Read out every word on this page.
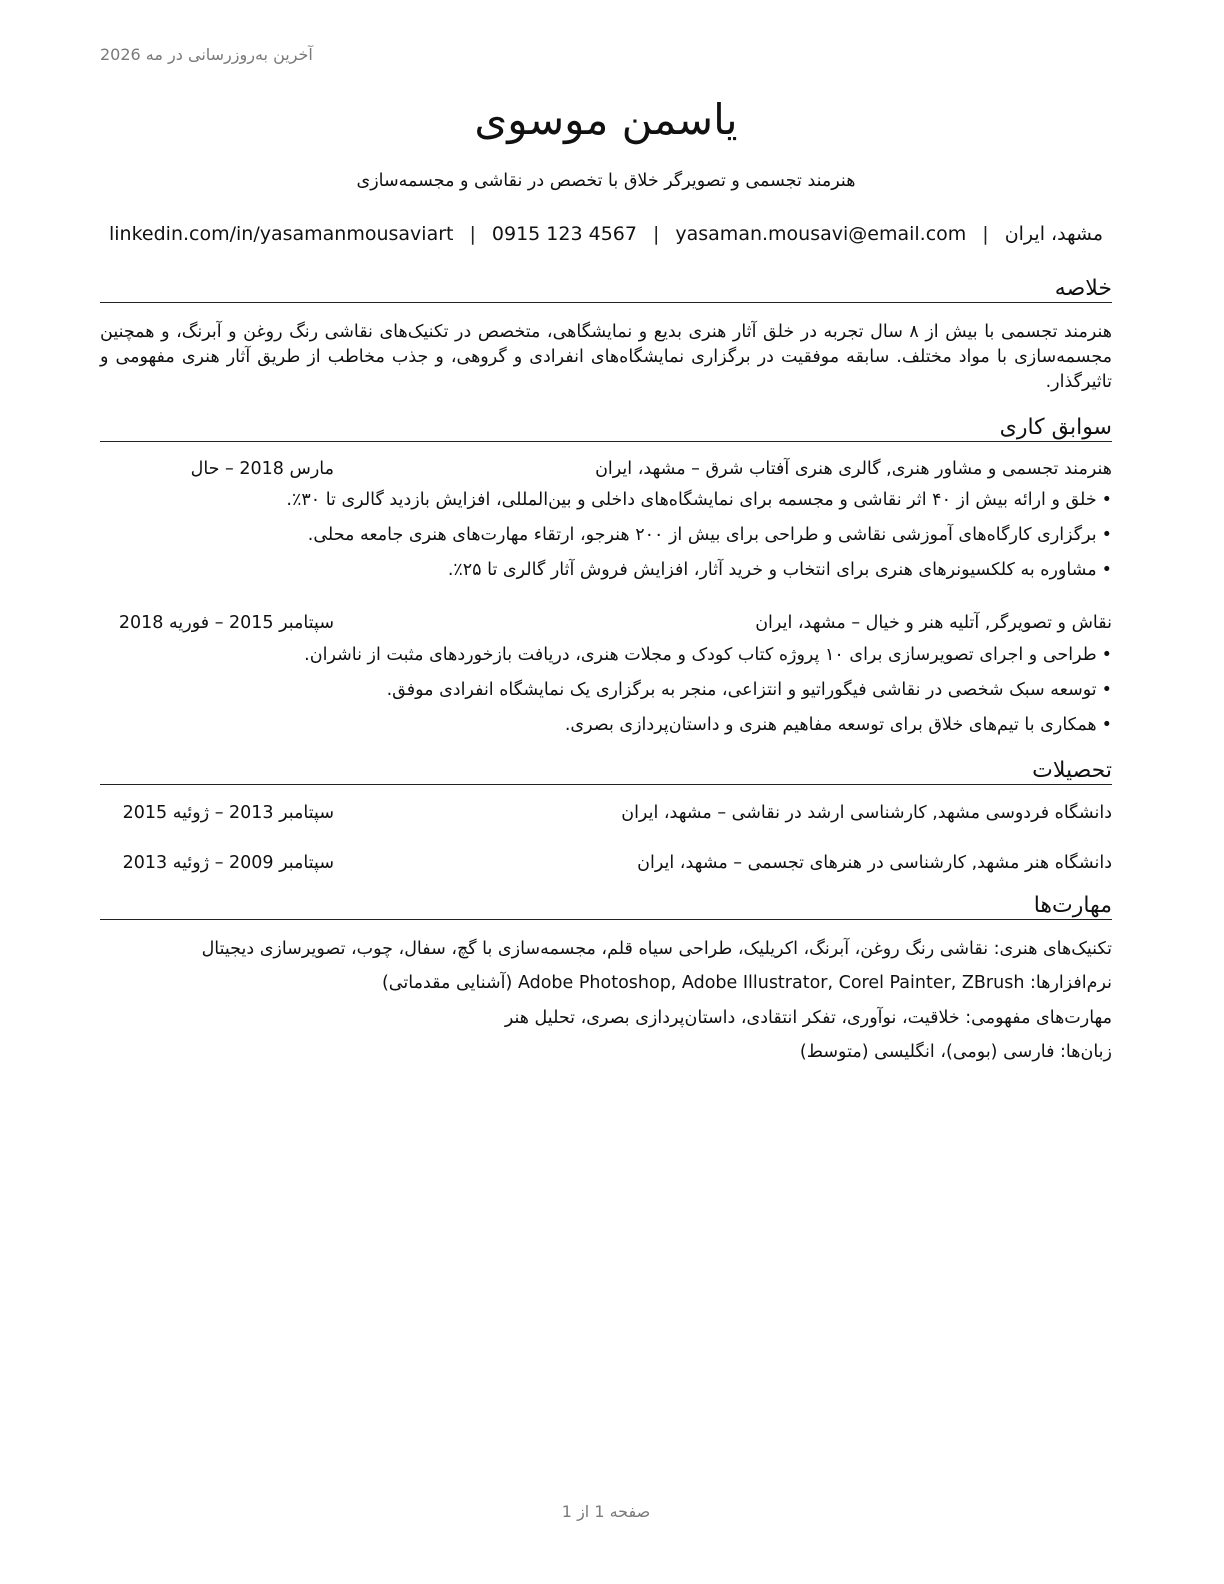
آخرین به‌روزرسانی در مه 2026
یاسمن موسوی
هنرمند تجسمی و تصویرگر خلاق با تخصص در نقاشی و مجسمه‌سازی
مشهد، ایران
|
yasaman.mousavi@email.com
|
0915 123 4567
|
linkedin.com/in/yasamanmousaviart
خلاصه
هنرمند تجسمی با بیش از ۸ سال تجربه در خلق آثار هنری بدیع و نمایشگاهی، متخصص در تکنیک‌های نقاشی رنگ روغن و آبرنگ، و همچنین مجسمه‌سازی با مواد مختلف. سابقه موفقیت در برگزاری نمایشگاه‌های انفرادی و گروهی، و جذب مخاطب از طریق آثار هنری مفهومی و تاثیرگذار.
سوابق کاری
هنرمند تجسمی و مشاور هنری, گالری هنری آفتاب شرق – مشهد، ایران
مارس 2018 – حال
•خلق و ارائه بیش از ۴۰ اثر نقاشی و مجسمه برای نمایشگاه‌های داخلی و بین‌المللی، افزایش بازدید گالری تا ۳۰٪.
•برگزاری کارگاه‌های آموزشی نقاشی و طراحی برای بیش از ۲۰۰ هنرجو، ارتقاء مهارت‌های هنری جامعه محلی.
•مشاوره به کلکسیونرهای هنری برای انتخاب و خرید آثار، افزایش فروش آثار گالری تا ۲۵٪.
نقاش و تصویرگر, آتلیه هنر و خیال – مشهد، ایران
سپتامبر 2015 – فوریه 2018
•طراحی و اجرای تصویرسازی برای ۱۰ پروژه کتاب کودک و مجلات هنری، دریافت بازخوردهای مثبت از ناشران.
•توسعه سبک شخصی در نقاشی فیگوراتیو و انتزاعی، منجر به برگزاری یک نمایشگاه انفرادی موفق.
•همکاری با تیم‌های خلاق برای توسعه مفاهیم هنری و داستان‌پردازی بصری.
تحصیلات
دانشگاه فردوسی مشهد, کارشناسی ارشد در نقاشی – مشهد، ایران
سپتامبر 2013 – ژوئیه 2015
دانشگاه هنر مشهد, کارشناسی در هنرهای تجسمی – مشهد، ایران
سپتامبر 2009 – ژوئیه 2013
مهارت‌ها
تکنیک‌های هنری: نقاشی رنگ روغن، آبرنگ، اکریلیک، طراحی سیاه قلم، مجسمه‌سازی با گچ، سفال، چوب، تصویرسازی دیجیتال
نرم‌افزارها: Adobe Photoshop, Adobe Illustrator, Corel Painter, ZBrush (آشنایی مقدماتی)
مهارت‌های مفهومی: خلاقیت، نوآوری، تفکر انتقادی، داستان‌پردازی بصری، تحلیل هنر
زبان‌ها: فارسی (بومی)، انگلیسی (متوسط)
صفحه 1 از 1
